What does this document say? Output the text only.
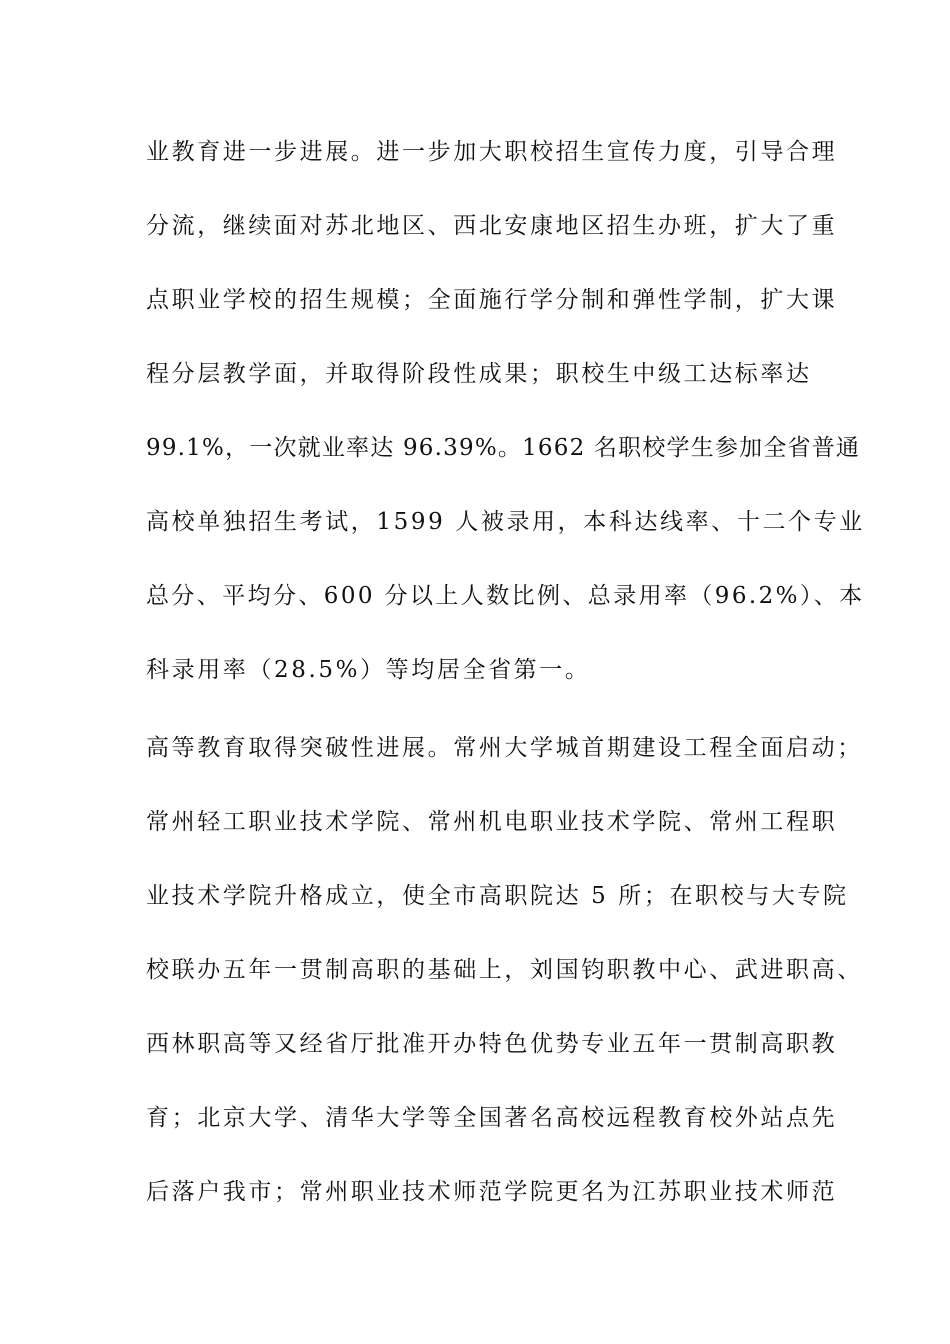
业教育进一步进展。进一步加大职校招生宣传力度，引导合理
分流，继续面对苏北地区、西北安康地区招生办班，扩大了重
点职业学校的招生规模；全面施行学分制和弹性学制，扩大课
程分层教学面，并取得阶段性成果；职校生中级工达标率达
99.1%，一次就业率达 96.39%。1662 名职校学生参加全省普通
高校单独招生考试，1599 人被录用，本科达线率、十二个专业
总分、平均分、600 分以上人数比例、总录用率（96.2%）、本
科录用率（28.5%）等均居全省第一。
高等教育取得突破性进展。常州大学城首期建设工程全面启动；
常州轻工职业技术学院、常州机电职业技术学院、常州工程职
业技术学院升格成立，使全市高职院达 5 所；在职校与大专院
校联办五年一贯制高职的基础上，刘国钧职教中心、武进职高、
西林职高等又经省厅批准开办特色优势专业五年一贯制高职教
育；北京大学、清华大学等全国著名高校远程教育校外站点先
后落户我市；常州职业技术师范学院更名为江苏职业技术师范
